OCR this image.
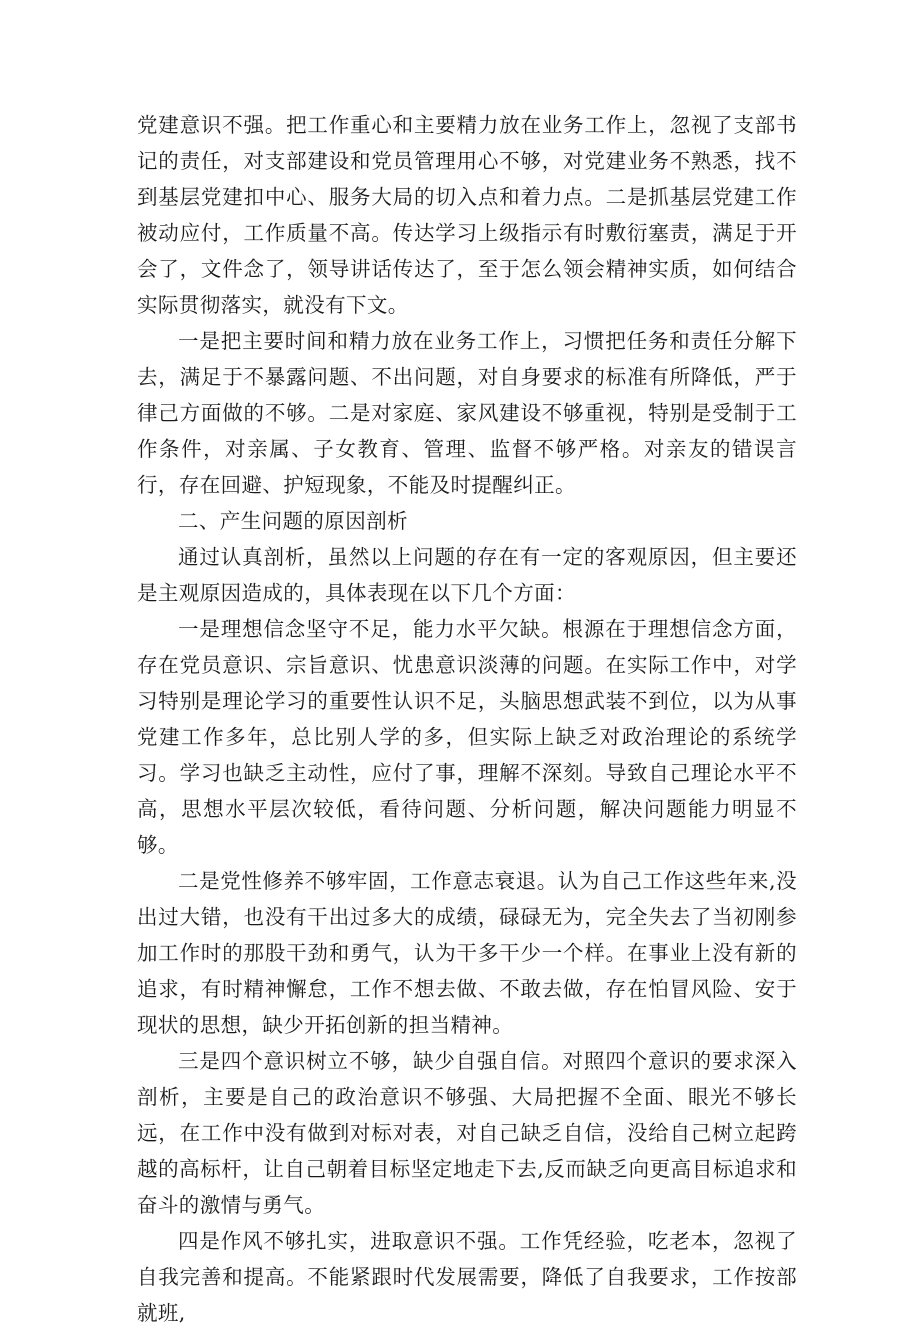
党建意识不强。把工作重心和主要精力放在业务工作上，忽视了支部书记的责任，对支部建设和党员管理用心不够，对党建业务不熟悉，找不到基层党建扣中心、服务大局的切入点和着力点。二是抓基层党建工作被动应付，工作质量不高。传达学习上级指示有时敷衍塞责，满足于开会了，文件念了，领导讲话传达了，至于怎么领会精神实质，如何结合实际贯彻落实，就没有下文。

一是把主要时间和精力放在业务工作上，习惯把任务和责任分解下去，满足于不暴露问题、不出问题，对自身要求的标准有所降低，严于律己方面做的不够。二是对家庭、家风建设不够重视，特别是受制于工作条件，对亲属、子女教育、管理、监督不够严格。对亲友的错误言行，存在回避、护短现象，不能及时提醒纠正。

二、产生问题的原因剖析

通过认真剖析，虽然以上问题的存在有一定的客观原因，但主要还是主观原因造成的，具体表现在以下几个方面：

一是理想信念坚守不足，能力水平欠缺。根源在于理想信念方面，存在党员意识、宗旨意识、忧患意识淡薄的问题。在实际工作中，对学习特别是理论学习的重要性认识不足，头脑思想武装不到位，以为从事党建工作多年，总比别人学的多，但实际上缺乏对政治理论的系统学习。学习也缺乏主动性，应付了事，理解不深刻。导致自己理论水平不高，思想水平层次较低，看待问题、分析问题，解决问题能力明显不够。

二是党性修养不够牢固，工作意志衰退。认为自己工作这些年来,没出过大错，也没有干出过多大的成绩，碌碌无为，完全失去了当初刚参加工作时的那股干劲和勇气，认为干多干少一个样。在事业上没有新的追求，有时精神懈怠，工作不想去做、不敢去做，存在怕冒风险、安于现状的思想，缺少开拓创新的担当精神。

三是四个意识树立不够，缺少自强自信。对照四个意识的要求深入剖析，主要是自己的政治意识不够强、大局把握不全面、眼光不够长远，在工作中没有做到对标对表，对自己缺乏自信，没给自己树立起跨越的高标杆，让自己朝着目标坚定地走下去,反而缺乏向更高目标追求和奋斗的激情与勇气。

四是作风不够扎实，进取意识不强。工作凭经验，吃老本，忽视了自我完善和提高。不能紧跟时代发展需要，降低了自我要求，工作按部就班,
